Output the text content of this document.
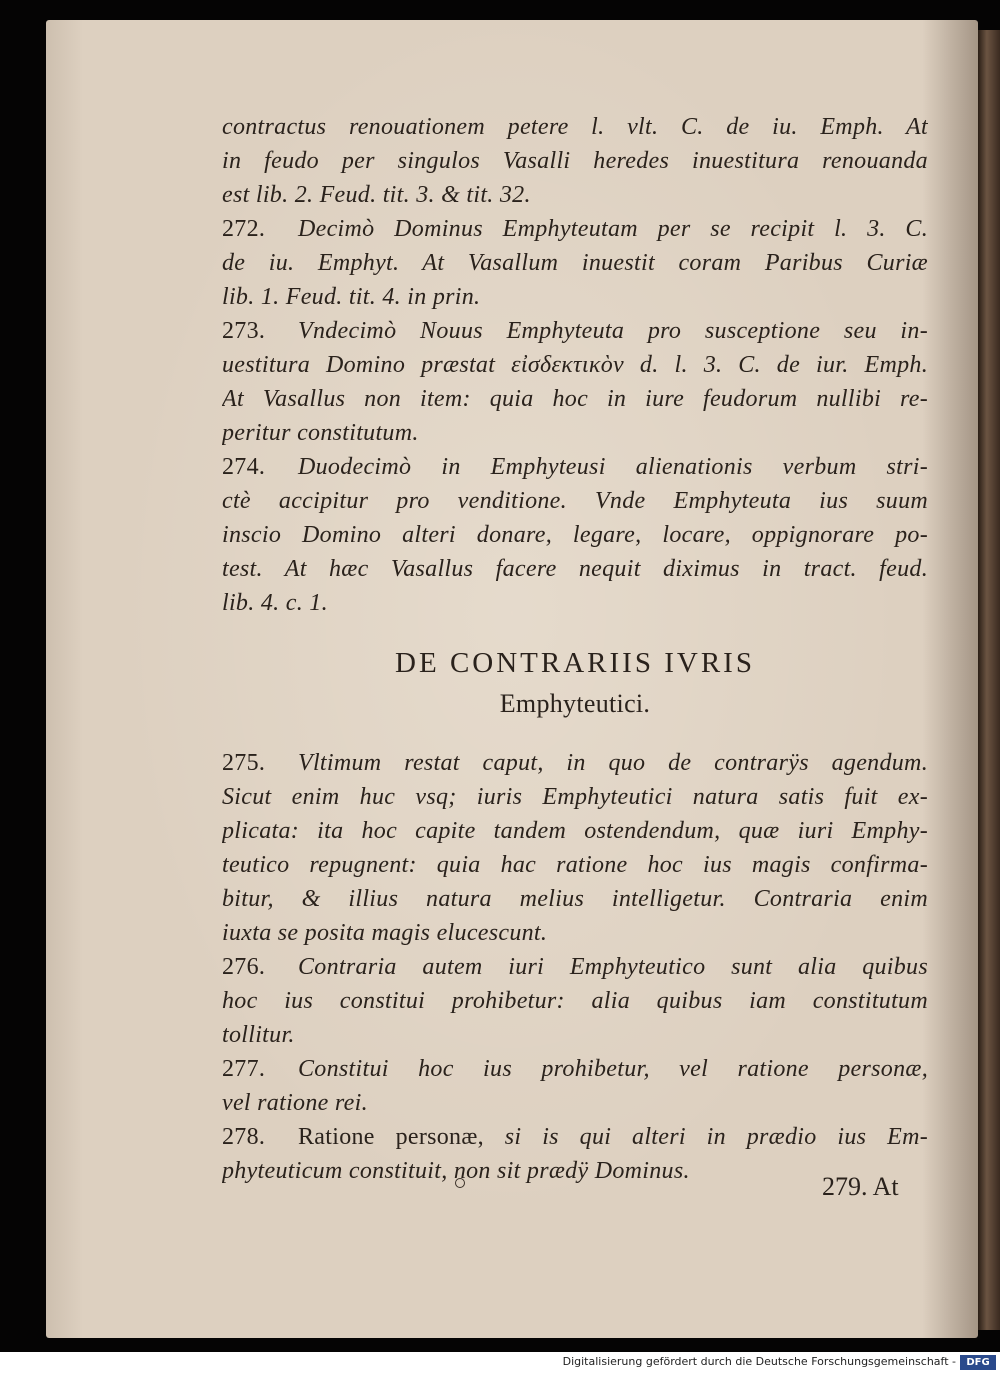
contractus renouationem petere l. vlt. C. de iu. Emph. At
in feudo per singulos Vasalli heredes inuestitura renouanda
est lib. 2. Feud. tit. 3. & tit. 32.
272. Decimò Dominus Emphyteutam per se recipit l. 3. C.
de iu. Emphyt. At Vasallum inuestit coram Paribus Curiæ
lib. 1. Feud. tit. 4. in prin.
273. Vndecimò Nouus Emphyteuta pro susceptione seu in-
uestitura Domino præstat εἰσδεκτικὸν d. l. 3. C. de iur. Emph.
At Vasallus non item: quia hoc in iure feudorum nullibi re-
peritur constitutum.
274. Duodecimò in Emphyteusi alienationis verbum stri-
ctè accipitur pro venditione. Vnde Emphyteuta ius suum
inscio Domino alteri donare, legare, locare, oppignorare po-
test. At hæc Vasallus facere nequit diximus in tract. feud.
lib. 4. c. 1.
DE CONTRARIIS IVRIS
Emphyteutici.
275. Vltimum restat caput, in quo de contrarÿs agendum.
Sicut enim huc vsq; iuris Emphyteutici natura satis fuit ex-
plicata: ita hoc capite tandem ostendendum, quæ iuri Emphy-
teutico repugnent: quia hac ratione hoc ius magis confirma-
bitur, & illius natura melius intelligetur. Contraria enim
iuxta se posita magis elucescunt.
276. Contraria autem iuri Emphyteutico sunt alia quibus
hoc ius constitui prohibetur: alia quibus iam constitutum
tollitur.
277. Constitui hoc ius prohibetur, vel ratione personæ,
vel ratione rei.
278. Ratione personæ, si is qui alteri in prædio ius Em-
phyteuticum constituit, non sit prædÿ Dominus.
279. At
Digitalisierung gefördert durch die Deutsche Forschungsgemeinschaft -	DFG
